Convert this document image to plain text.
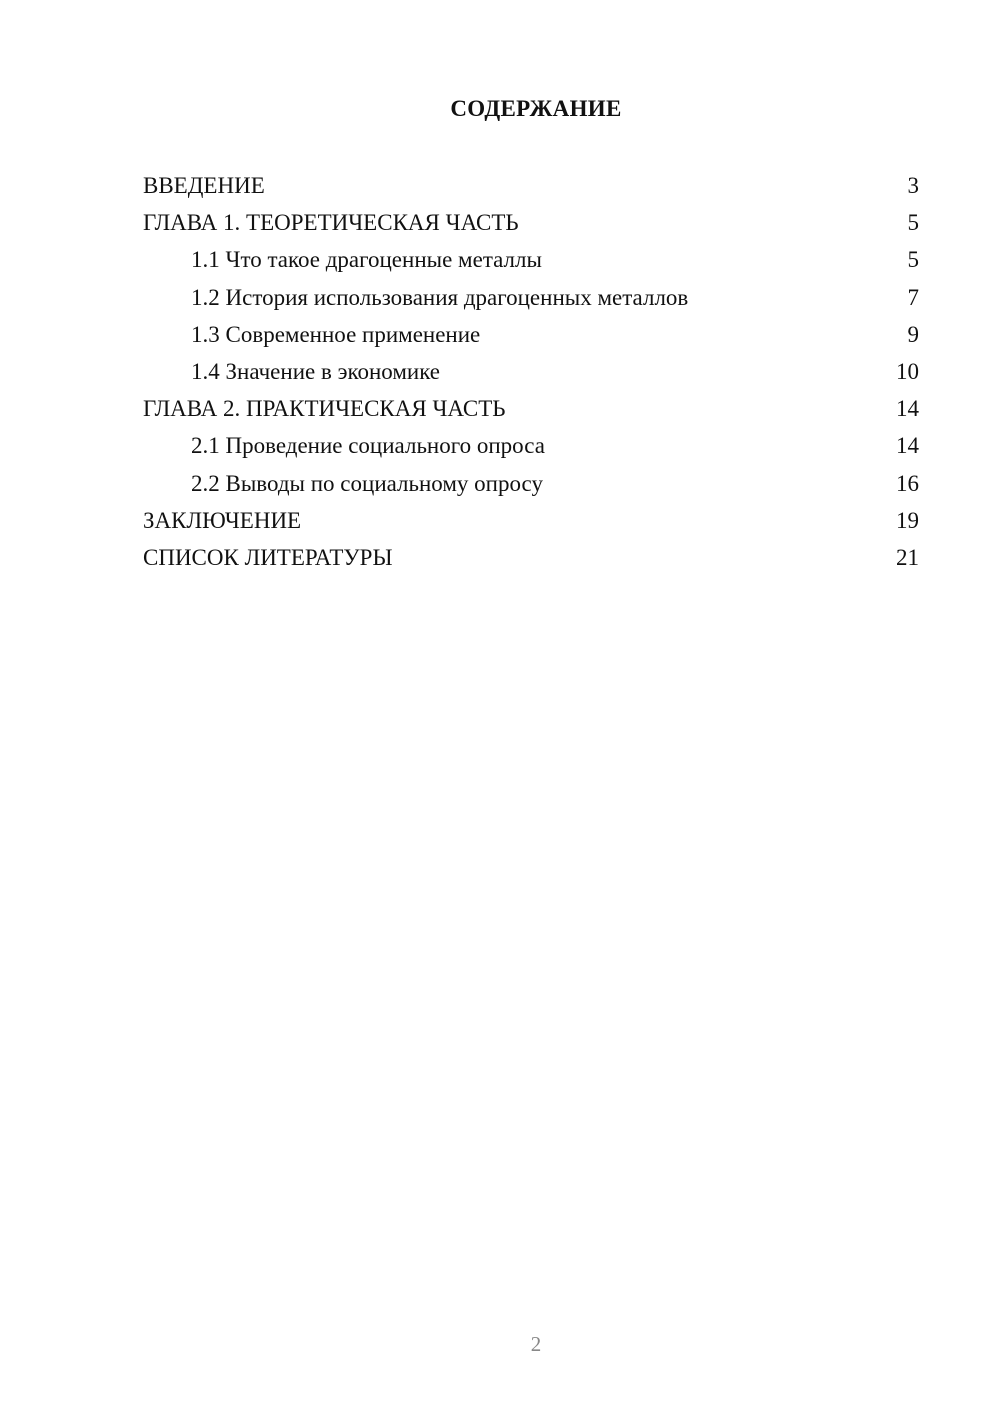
СОДЕРЖАНИЕ
ВВЕДЕНИЕ	3
ГЛАВА 1. ТЕОРЕТИЧЕСКАЯ ЧАСТЬ	5
1.1 Что такое драгоценные металлы	5
1.2 История использования драгоценных металлов	7
1.3 Современное применение	9
1.4 Значение в экономике	10
ГЛАВА 2. ПРАКТИЧЕСКАЯ ЧАСТЬ	14
2.1 Проведение социального опроса	14
2.2 Выводы по социальному опросу	16
ЗАКЛЮЧЕНИЕ	19
СПИСОК ЛИТЕРАТУРЫ	21
2
